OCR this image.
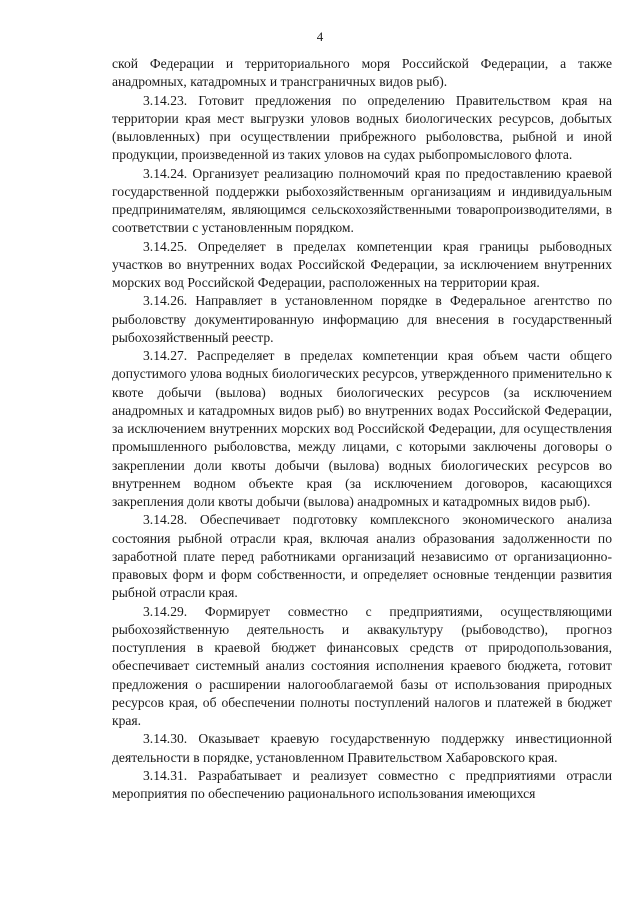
4

ской Федерации и территориального моря Российской Федерации, а также анадромных, катадромных и трансграничных видов рыб).

3.14.23. Готовит предложения по определению Правительством края на территории края мест выгрузки уловов водных биологических ресурсов, добытых (выловленных) при осуществлении прибрежного рыболовства, рыбной и иной продукции, произведенной из таких уловов на судах рыбопромыслового флота.

3.14.24. Организует реализацию полномочий края по предоставлению краевой государственной поддержки рыбохозяйственным организациям и индивидуальным предпринимателям, являющимся сельскохозяйственными товаропроизводителями, в соответствии с установленным порядком.

3.14.25. Определяет в пределах компетенции края границы рыбоводных участков во внутренних водах Российской Федерации, за исключением внутренних морских вод Российской Федерации, расположенных на территории края.

3.14.26. Направляет в установленном порядке в Федеральное агентство по рыболовству документированную информацию для внесения в государственный рыбохозяйственный реестр.

3.14.27. Распределяет в пределах компетенции края объем части общего допустимого улова водных биологических ресурсов, утвержденного применительно к квоте добычи (вылова) водных биологических ресурсов (за исключением анадромных и катадромных видов рыб) во внутренних водах Российской Федерации, за исключением внутренних морских вод Российской Федерации, для осуществления промышленного рыболовства, между лицами, с которыми заключены договоры о закреплении доли квоты добычи (вылова) водных биологических ресурсов во внутреннем водном объекте края (за исключением договоров, касающихся закрепления доли квоты добычи (вылова) анадромных и катадромных видов рыб).

3.14.28. Обеспечивает подготовку комплексного экономического анализа состояния рыбной отрасли края, включая анализ образования задолженности по заработной плате перед работниками организаций независимо от организационно-правовых форм и форм собственности, и определяет основные тенденции развития рыбной отрасли края.

3.14.29. Формирует совместно с предприятиями, осуществляющими рыбохозяйственную деятельность и аквакультуру (рыбоводство), прогноз поступления в краевой бюджет финансовых средств от природопользования, обеспечивает системный анализ состояния исполнения краевого бюджета, готовит предложения о расширении налогооблагаемой базы от использования природных ресурсов края, об обеспечении полноты поступлений налогов и платежей в бюджет края.

3.14.30. Оказывает краевую государственную поддержку инвестиционной деятельности в порядке, установленном Правительством Хабаровского края.

3.14.31. Разрабатывает и реализует совместно с предприятиями отрасли мероприятия по обеспечению рационального использования имеющихся
